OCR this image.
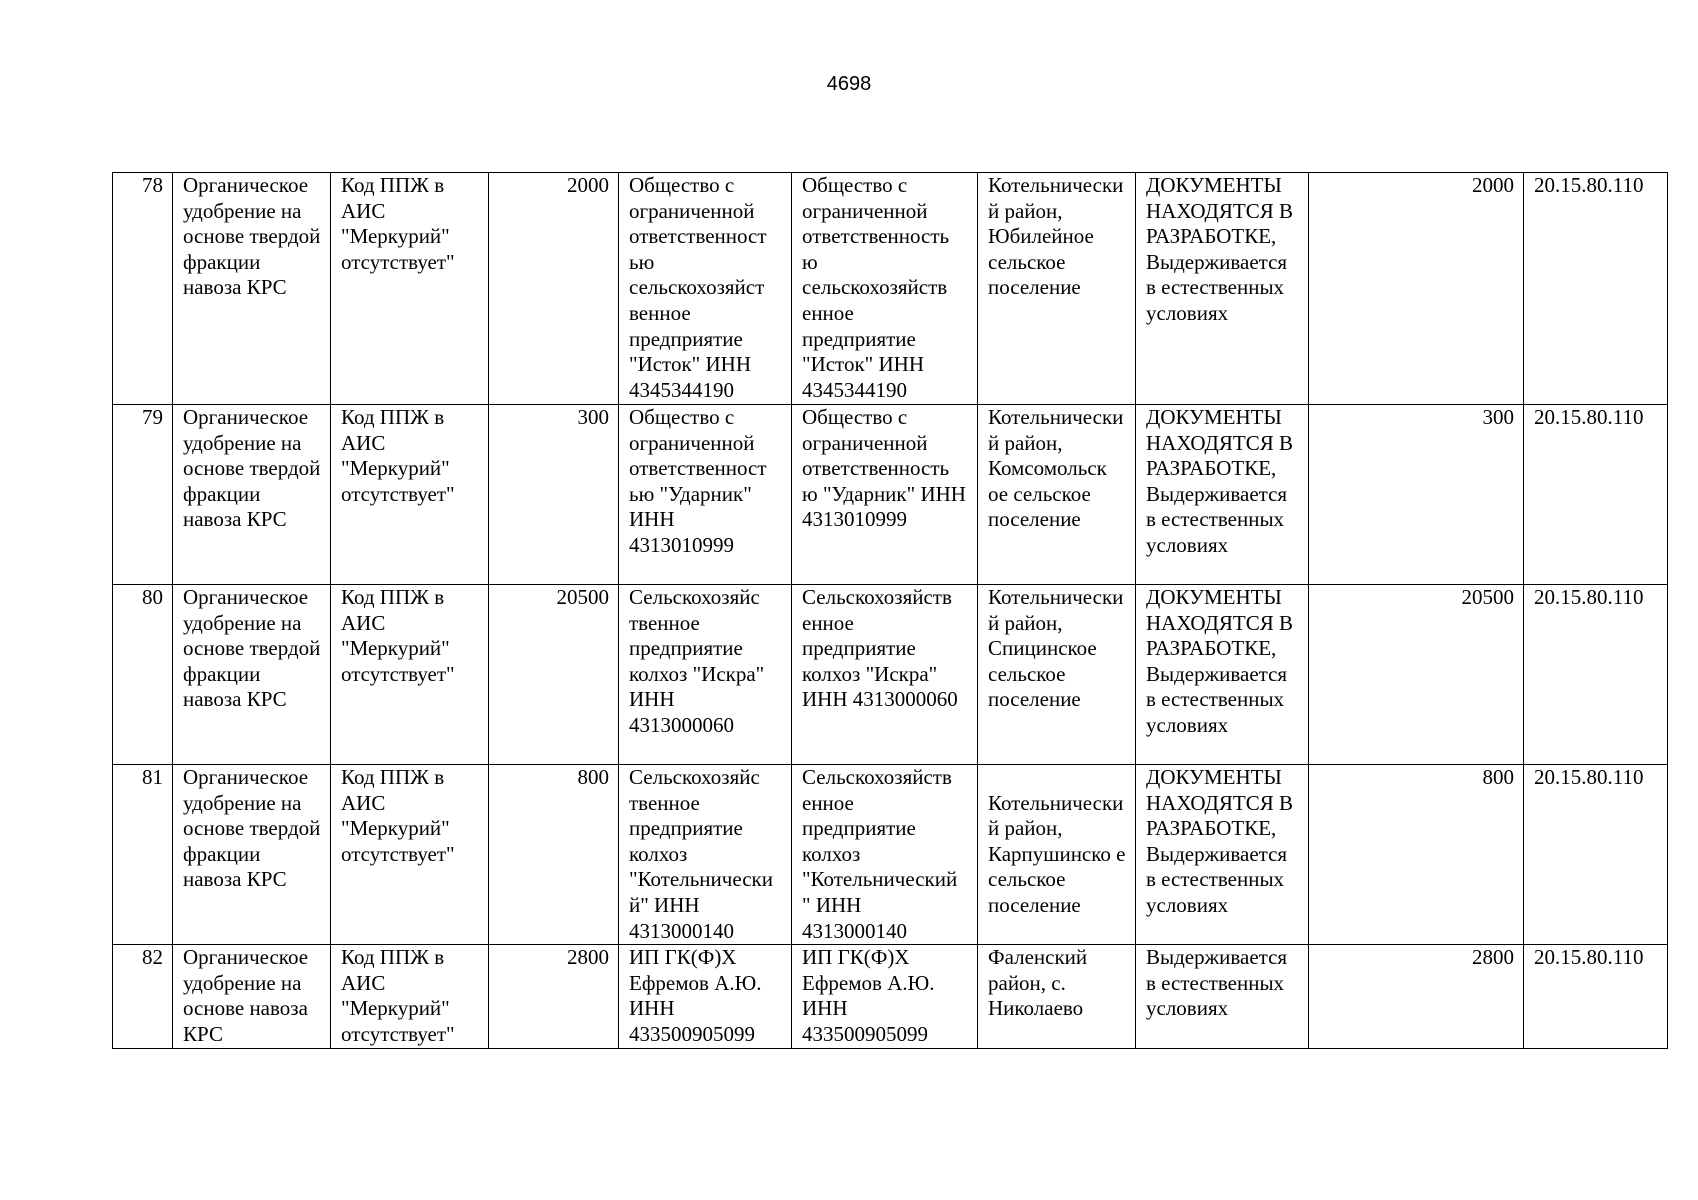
4698
78	Органическое удобрение на основе твердой фракции навоза КРС	Код ППЖ в АИС "Меркурий" отсутствует"	2000	Общество с ограниченной ответственност ью сельскохозяйст венное предприятие "Исток" ИНН 4345344190	Общество с ограниченной ответственность ю сельскохозяйств енное предприятие "Исток" ИНН 4345344190	Котельнически й район, Юбилейное сельское поселение	ДОКУМЕНТЫ НАХОДЯТСЯ В РАЗРАБОТКЕ, Выдерживается в естественных условиях	2000	20.15.80.110
79	Органическое удобрение на основе твердой фракции навоза КРС	Код ППЖ в АИС "Меркурий" отсутствует"	300	Общество с ограниченной ответственност ью "Ударник" ИНН 4313010999	Общество с ограниченной ответственность ю "Ударник" ИНН 4313010999	Котельнически й район, Комсомольск ое сельское поселение	ДОКУМЕНТЫ НАХОДЯТСЯ В РАЗРАБОТКЕ, Выдерживается в естественных условиях	300	20.15.80.110
80	Органическое удобрение на основе твердой фракции навоза КРС	Код ППЖ в АИС "Меркурий" отсутствует"	20500	Сельскохозяйс твенное предприятие колхоз "Искра" ИНН 4313000060	Сельскохозяйств енное предприятие колхоз "Искра" ИНН 4313000060	Котельнически й район, Спицинское сельское поселение	ДОКУМЕНТЫ НАХОДЯТСЯ В РАЗРАБОТКЕ, Выдерживается в естественных условиях	20500	20.15.80.110
81	Органическое удобрение на основе твердой фракции навоза КРС	Код ППЖ в АИС "Меркурий" отсутствует"	800	Сельскохозяйс твенное предприятие колхоз "Котельнически й" ИНН 4313000140	Сельскохозяйств енное предприятие колхоз "Котельнический " ИНН 4313000140	Котельнически й район, Карпушинско е сельское поселение	ДОКУМЕНТЫ НАХОДЯТСЯ В РАЗРАБОТКЕ, Выдерживается в естественных условиях	800	20.15.80.110
82	Органическое удобрение на основе навоза КРС	Код ППЖ в АИС "Меркурий" отсутствует"	2800	ИП ГК(Ф)Х Ефремов А.Ю. ИНН 433500905099	ИП ГК(Ф)Х Ефремов А.Ю. ИНН 433500905099	Фаленский район, с. Николаево	Выдерживается в естественных условиях	2800	20.15.80.110
